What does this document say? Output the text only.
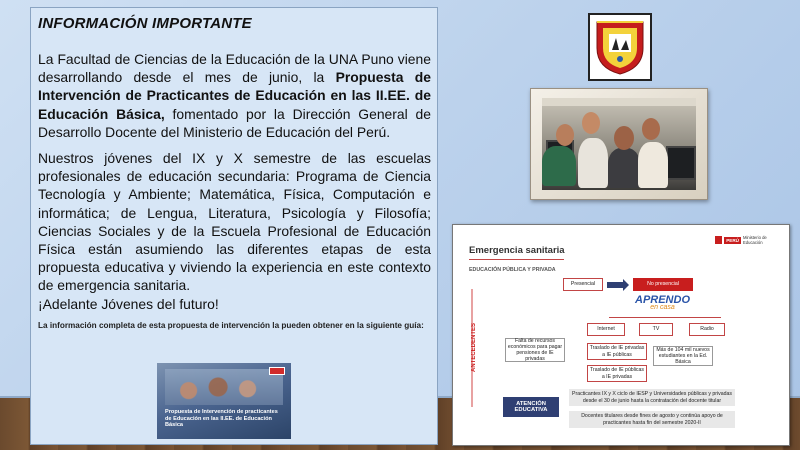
INFORMACIÓN IMPORTANTE

La Facultad de Ciencias de la Educación de la UNA Puno viene desarrollando desde el mes de junio, la Propuesta de Intervención de Practicantes de Educación en las II.EE. de Educación Básica, fomentado por la Dirección General de Desarrollo Docente del Ministerio de Educación del Perú.

Nuestros jóvenes del IX y X semestre de las escuelas profesionales de educación secundaria: Programa de Ciencia Tecnología y Ambiente; Matemática, Física, Computación e informática; de Lengua, Literatura, Psicología y Filosofía; Ciencias Sociales y de la Escuela Profesional de Educación Física están asumiendo las diferentes etapas de esta propuesta educativa y viviendo la experiencia en este contexto de emergencia sanitaria.

¡Adelante Jóvenes del futuro!

La información completa de esta propuesta de intervención la pueden obtener en la siguiente guía:

Propuesta de Intervención de practicantes de Educación en las II.EE. de Educación Básica
Emergencia sanitaria
EDUCACIÓN PÚBLICA Y PRIVADA
PERÚ Ministerio de Educación
ANTECEDENTES
Presencial	No presencial
APRENDO
en casa
Internet	TV	Radio
Falta de recursos económicos para pagar pensiones de IE privadas
Traslado de IE privadas a IE públicas
Traslado de IE públicas a IE privadas
Más de 104 mil nuevos estudiantes en la Ed. Básica
ATENCIÓN EDUCATIVA
Practicantes IX y X ciclo de IESP y Universidades públicas y privadas desde el 30 de junio hasta la contratación del docente titular
Docentes titulares desde fines de agosto y continúa apoyo de practicantes hasta fin del semestre 2020-II
